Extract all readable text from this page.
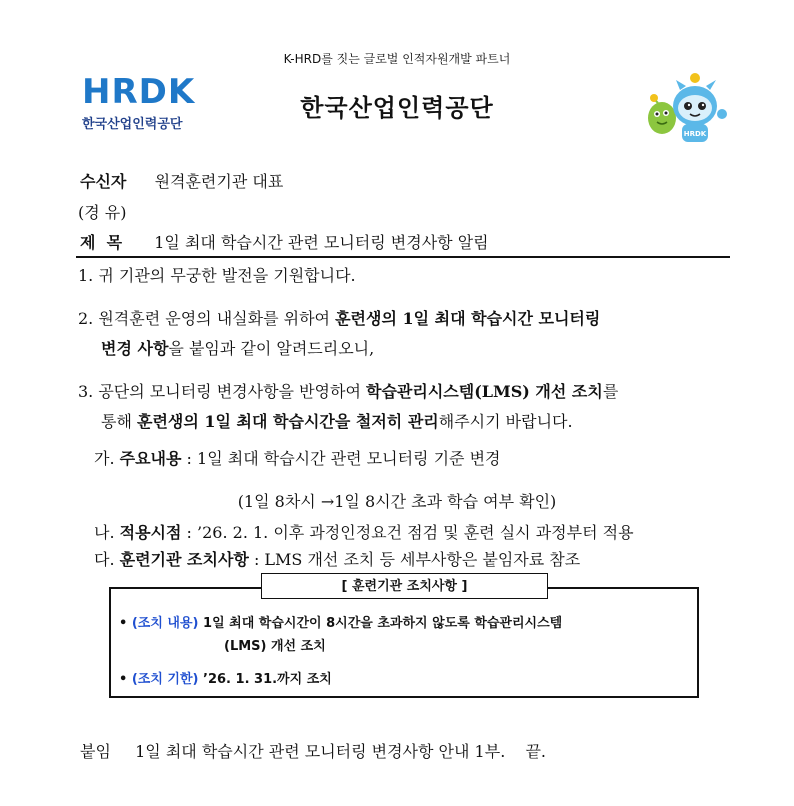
K-HRD를 짓는 글로벌 인적자원개발 파트너
HRDK
한국산업인력공단
한국산업인력공단
HRDK
수신자 원격훈련기관 대표
(경 유)
제  목 1일 최대 학습시간 관련 모니터링 변경사항 알림
1. 귀 기관의 무궁한 발전을 기원합니다.
2. 원격훈련 운영의 내실화를 위하여 훈련생의 1일 최대 학습시간 모니터링
변경 사항을 붙임과 같이 알려드리오니,
3. 공단의 모니터링 변경사항을 반영하여 학습관리시스템(LMS) 개선 조치를
통해 훈련생의 1일 최대 학습시간을 철저히 관리해주시기 바랍니다.
가. 주요내용 : 1일 최대 학습시간 관련 모니터링 기준 변경
(1일 8차시 →1일 8시간 초과 학습 여부 확인)
나. 적용시점 : ’26. 2. 1. 이후 과정인정요건 점검 및 훈련 실시 과정부터 적용
다. 훈련기관 조치사항 : LMS 개선 조치 등 세부사항은 붙임자료 참조
[ 훈련기관 조치사항 ]
• (조치 내용) 1일 최대 학습시간이 8시간을 초과하지 않도록 학습관리시스템
(LMS) 개선 조치
• (조치 기한) ’26. 1. 31.까지 조치
붙임 1일 최대 학습시간 관련 모니터링 변경사항 안내 1부. 끝.
